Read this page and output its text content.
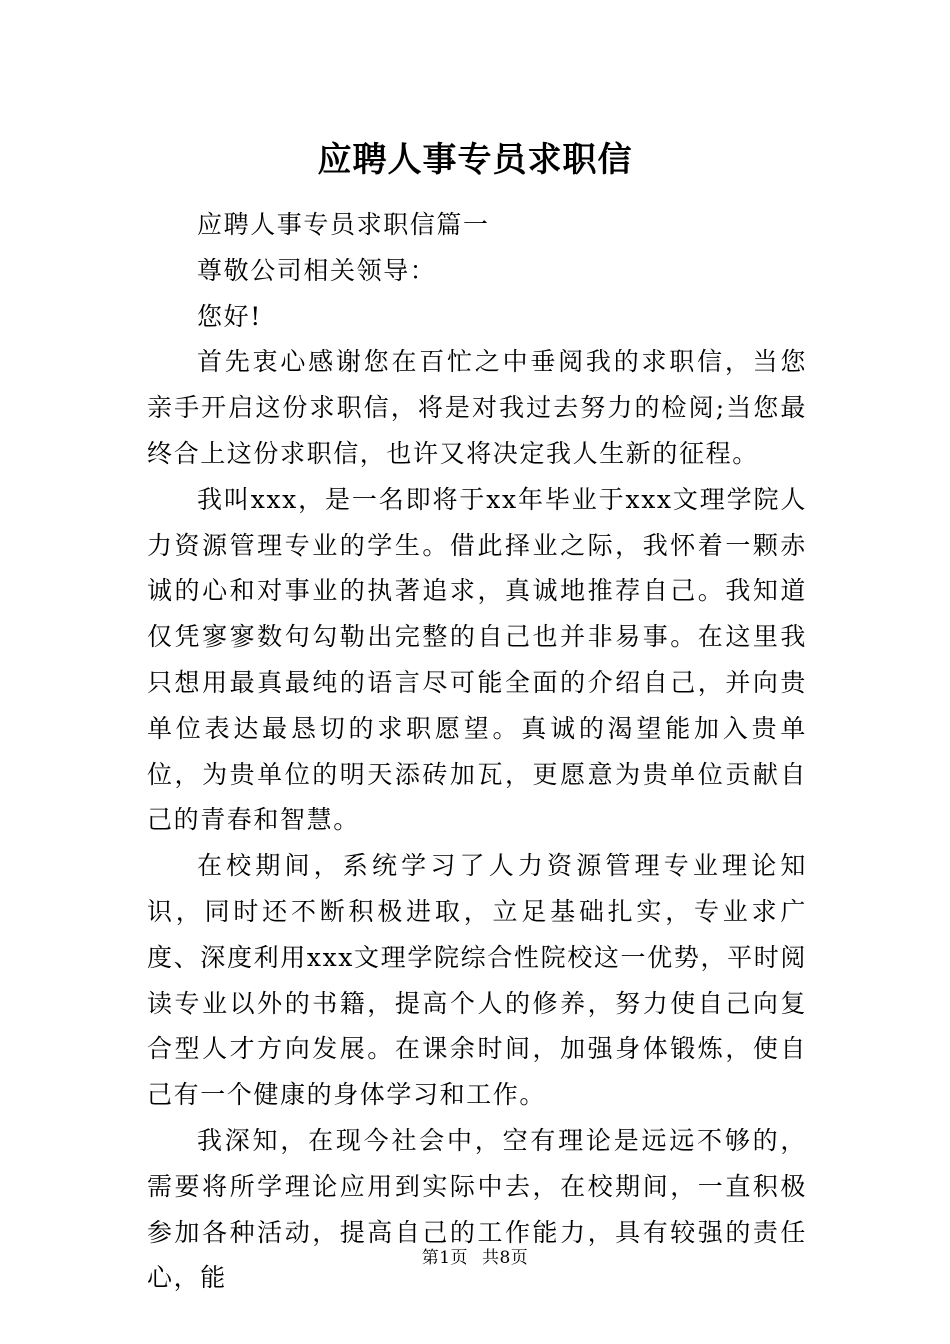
应聘人事专员求职信

应聘人事专员求职信篇一

尊敬公司相关领导：

您好!

首先衷心感谢您在百忙之中垂阅我的求职信，当您亲手开启这份求职信，将是对我过去努力的检阅;当您最终合上这份求职信，也许又将决定我人生新的征程。

我叫xxx，是一名即将于xx年毕业于xxx文理学院人力资源管理专业的学生。借此择业之际，我怀着一颗赤诚的心和对事业的执著追求，真诚地推荐自己。我知道仅凭寥寥数句勾勒出完整的自己也并非易事。在这里我只想用最真最纯的语言尽可能全面的介绍自己，并向贵单位表达最恳切的求职愿望。真诚的渴望能加入贵单位，为贵单位的明天添砖加瓦，更愿意为贵单位贡献自己的青春和智慧。

在校期间，系统学习了人力资源管理专业理论知识，同时还不断积极进取，立足基础扎实，专业求广度、深度利用xxx文理学院综合性院校这一优势，平时阅读专业以外的书籍，提高个人的修养，努力使自己向复合型人才方向发展。在课余时间，加强身体锻炼，使自己有一个健康的身体学习和工作。

我深知，在现今社会中，空有理论是远远不够的，需要将所学理论应用到实际中去，在校期间，一直积极参加各种活动，提高自己的工作能力，具有较强的责任心，能

第1页 共8页
